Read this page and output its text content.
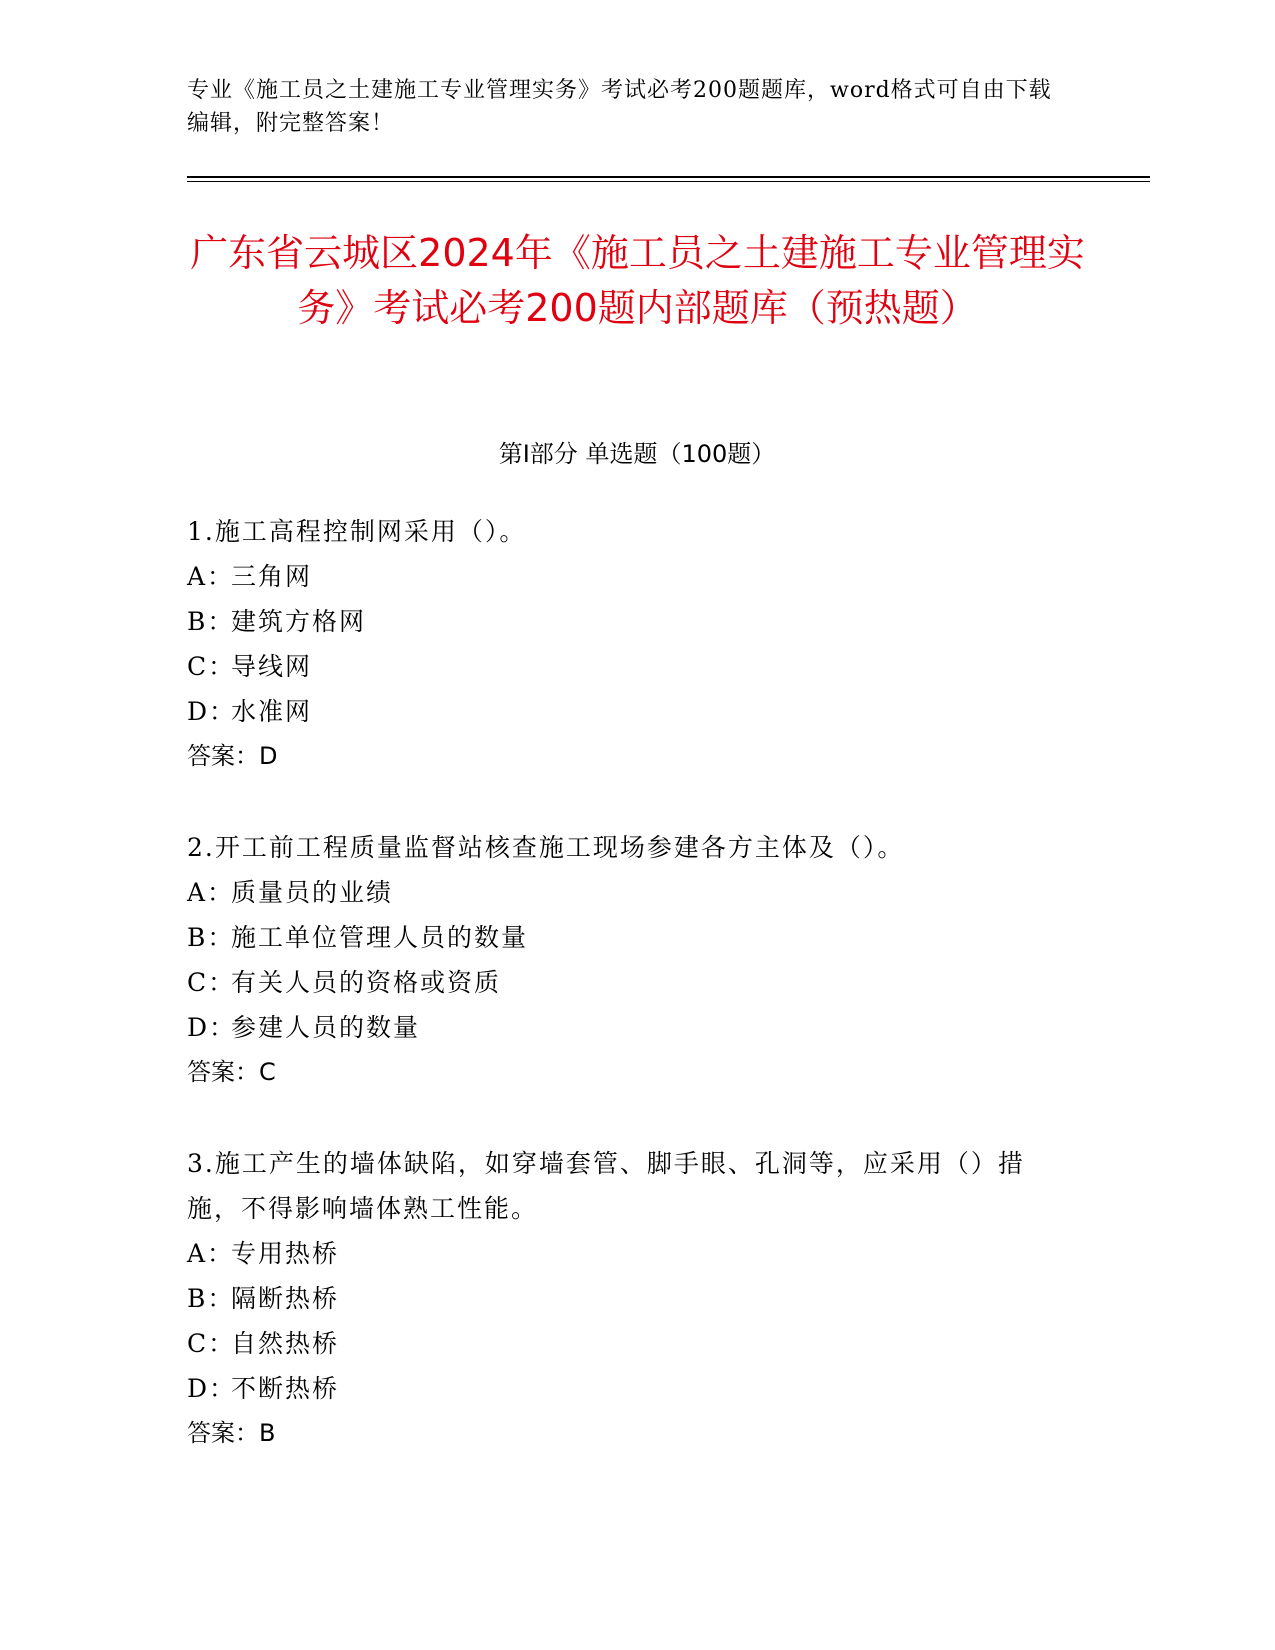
专业《施工员之土建施工专业管理实务》考试必考200题题库，word格式可自由下载编辑，附完整答案！
广东省云城区2024年《施工员之土建施工专业管理实务》考试必考200题内部题库（预热题）
第I部分 单选题（100题）
1.施工高程控制网采用（）。
A：三角网
B：建筑方格网
C：导线网
D：水准网
答案：D
2.开工前工程质量监督站核查施工现场参建各方主体及（）。
A：质量员的业绩
B：施工单位管理人员的数量
C：有关人员的资格或资质
D：参建人员的数量
答案：C
3.施工产生的墙体缺陷，如穿墙套管、脚手眼、孔洞等，应采用（）措施，不得影响墙体熟工性能。
A：专用热桥
B：隔断热桥
C：自然热桥
D：不断热桥
答案：B
